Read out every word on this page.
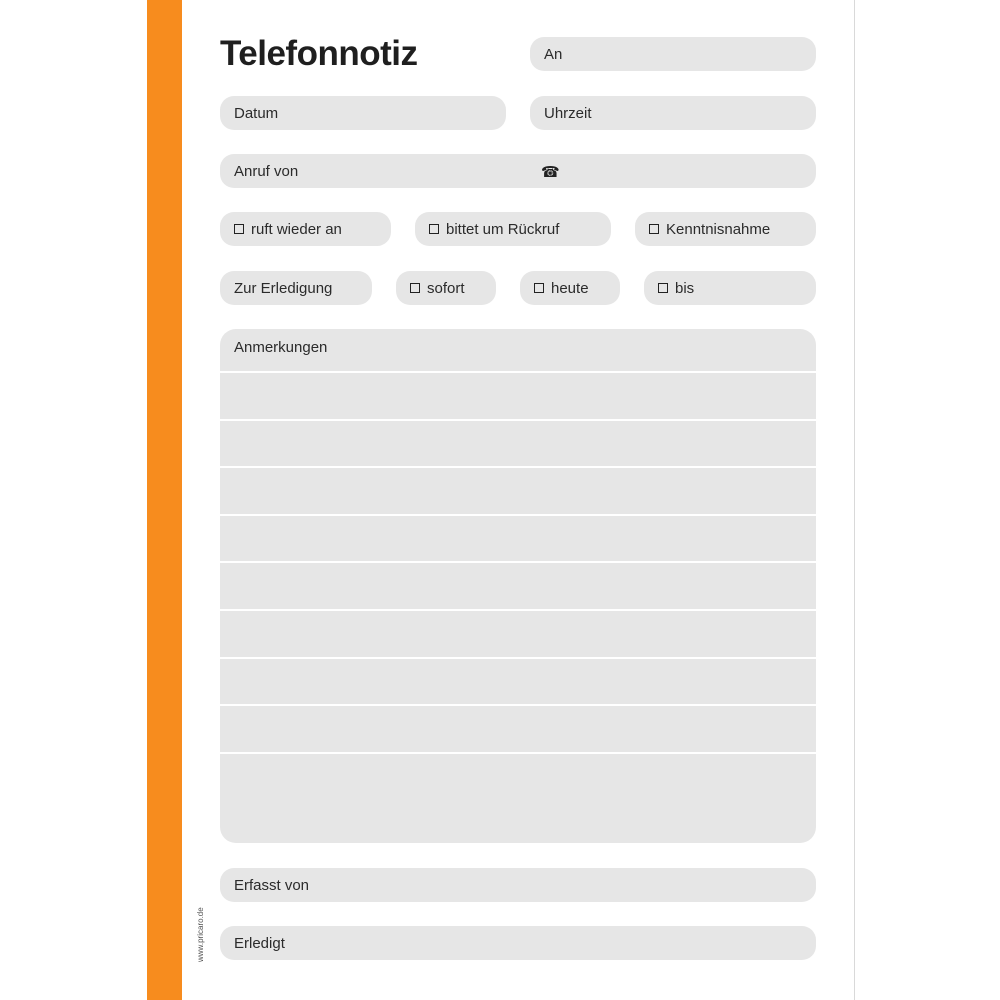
Telefonnotiz	An
Datum	Uhrzeit
Anruf von	☎
ruft wieder an	bittet um Rückruf	Kenntnisnahme
Zur Erledigung	sofort	heute	bis
Anmerkungen
Erfasst von
Erledigt
www.pricaro.de
